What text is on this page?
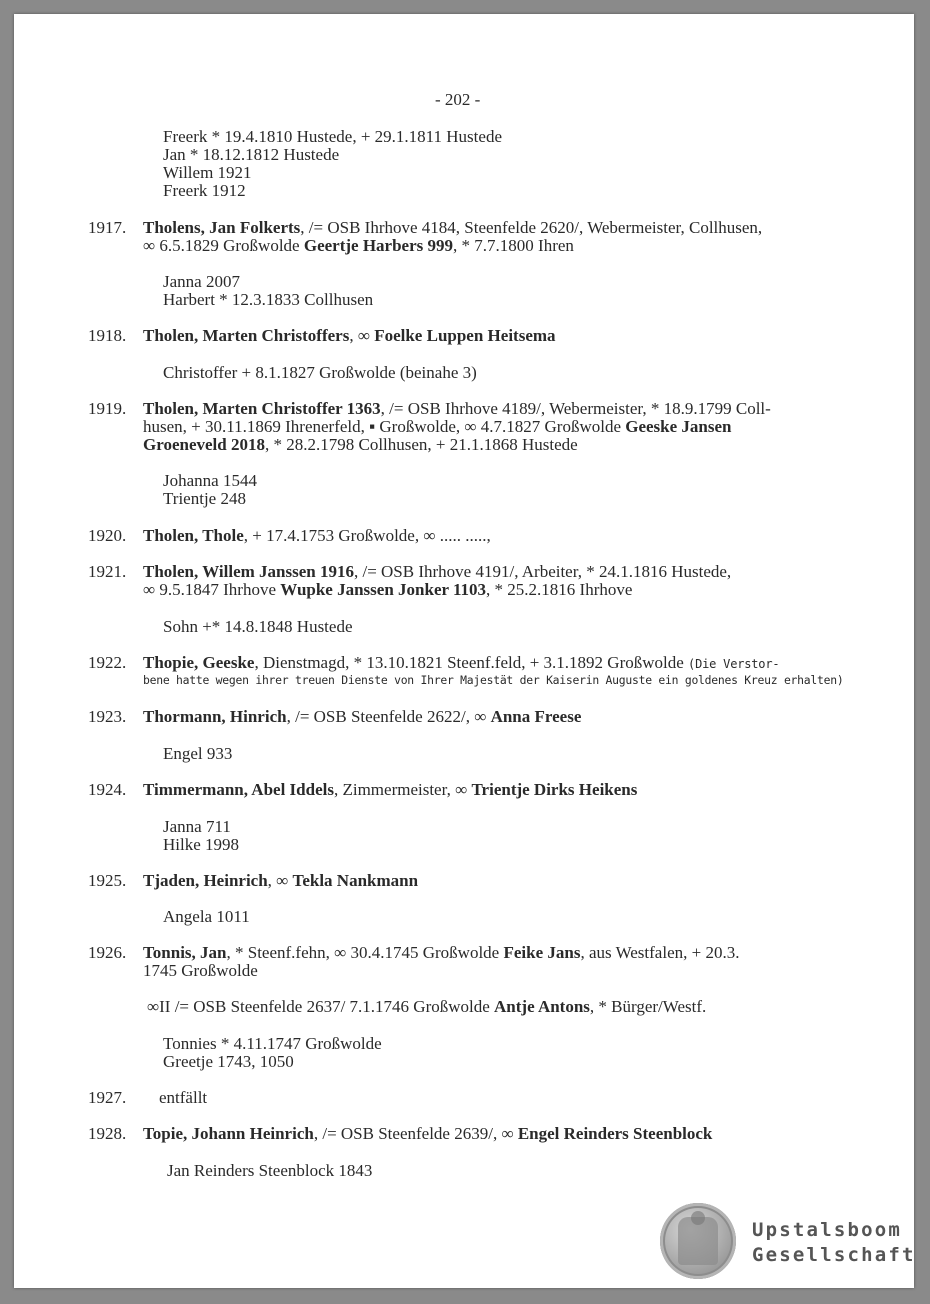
- 202 -
Freerk * 19.4.1810 Hustede, + 29.1.1811 Hustede
Jan * 18.12.1812 Hustede
Willem 1921
Freerk 1912
1917. Tholens, Jan Folkerts, /= OSB Ihrhove 4184, Steenfelde 2620/, Webermeister, Collhusen,
∞ 6.5.1829 Großwolde Geertje Harbers 999, * 7.7.1800 Ihren
Janna 2007
Harbert * 12.3.1833 Collhusen
1918. Tholen, Marten Christoffers, ∞ Foelke Luppen Heitsema
Christoffer + 8.1.1827 Großwolde (beinahe 3)
1919. Tholen, Marten Christoffer 1363, /= OSB Ihrhove 4189/, Webermeister, * 18.9.1799 Coll-
husen, + 30.11.1869 Ihrenerfeld, ▪ Großwolde, ∞ 4.7.1827 Großwolde Geeske Jansen
Groeneveld 2018, * 28.2.1798 Collhusen, + 21.1.1868 Hustede
Johanna 1544
Trientje 248
1920. Tholen, Thole, + 17.4.1753 Großwolde, ∞ ..... .....,
1921. Tholen, Willem Janssen 1916, /= OSB Ihrhove 4191/, Arbeiter, * 24.1.1816 Hustede,
∞ 9.5.1847 Ihrhove Wupke Janssen Jonker 1103, * 25.2.1816 Ihrhove
Sohn +* 14.8.1848 Hustede
1922. Thopie, Geeske, Dienstmagd, * 13.10.1821 Steenf.feld, + 3.1.1892 Großwolde (Die Verstor-
bene hatte wegen ihrer treuen Dienste von Ihrer Majestät der Kaiserin Auguste ein goldenes Kreuz erhalten)
1923. Thormann, Hinrich, /= OSB Steenfelde 2622/, ∞ Anna Freese
Engel 933
1924. Timmermann, Abel Iddels, Zimmermeister, ∞ Trientje Dirks Heikens
Janna 711
Hilke 1998
1925. Tjaden, Heinrich, ∞ Tekla Nankmann
Angela 1011
1926. Tonnis, Jan, * Steenf.fehn, ∞ 30.4.1745 Großwolde Feike Jans, aus Westfalen, + 20.3.
1745 Großwolde
∞II /= OSB Steenfelde 2637/ 7.1.1746 Großwolde Antje Antons, * Bürger/Westf.
Tonnies * 4.11.1747 Großwolde
Greetje 1743, 1050
1927. entfällt
1928. Topie, Johann Heinrich, /= OSB Steenfelde 2639/, ∞ Engel Reinders Steenblock
Jan Reinders Steenblock 1843
Upstalsboom
Gesellschaft
